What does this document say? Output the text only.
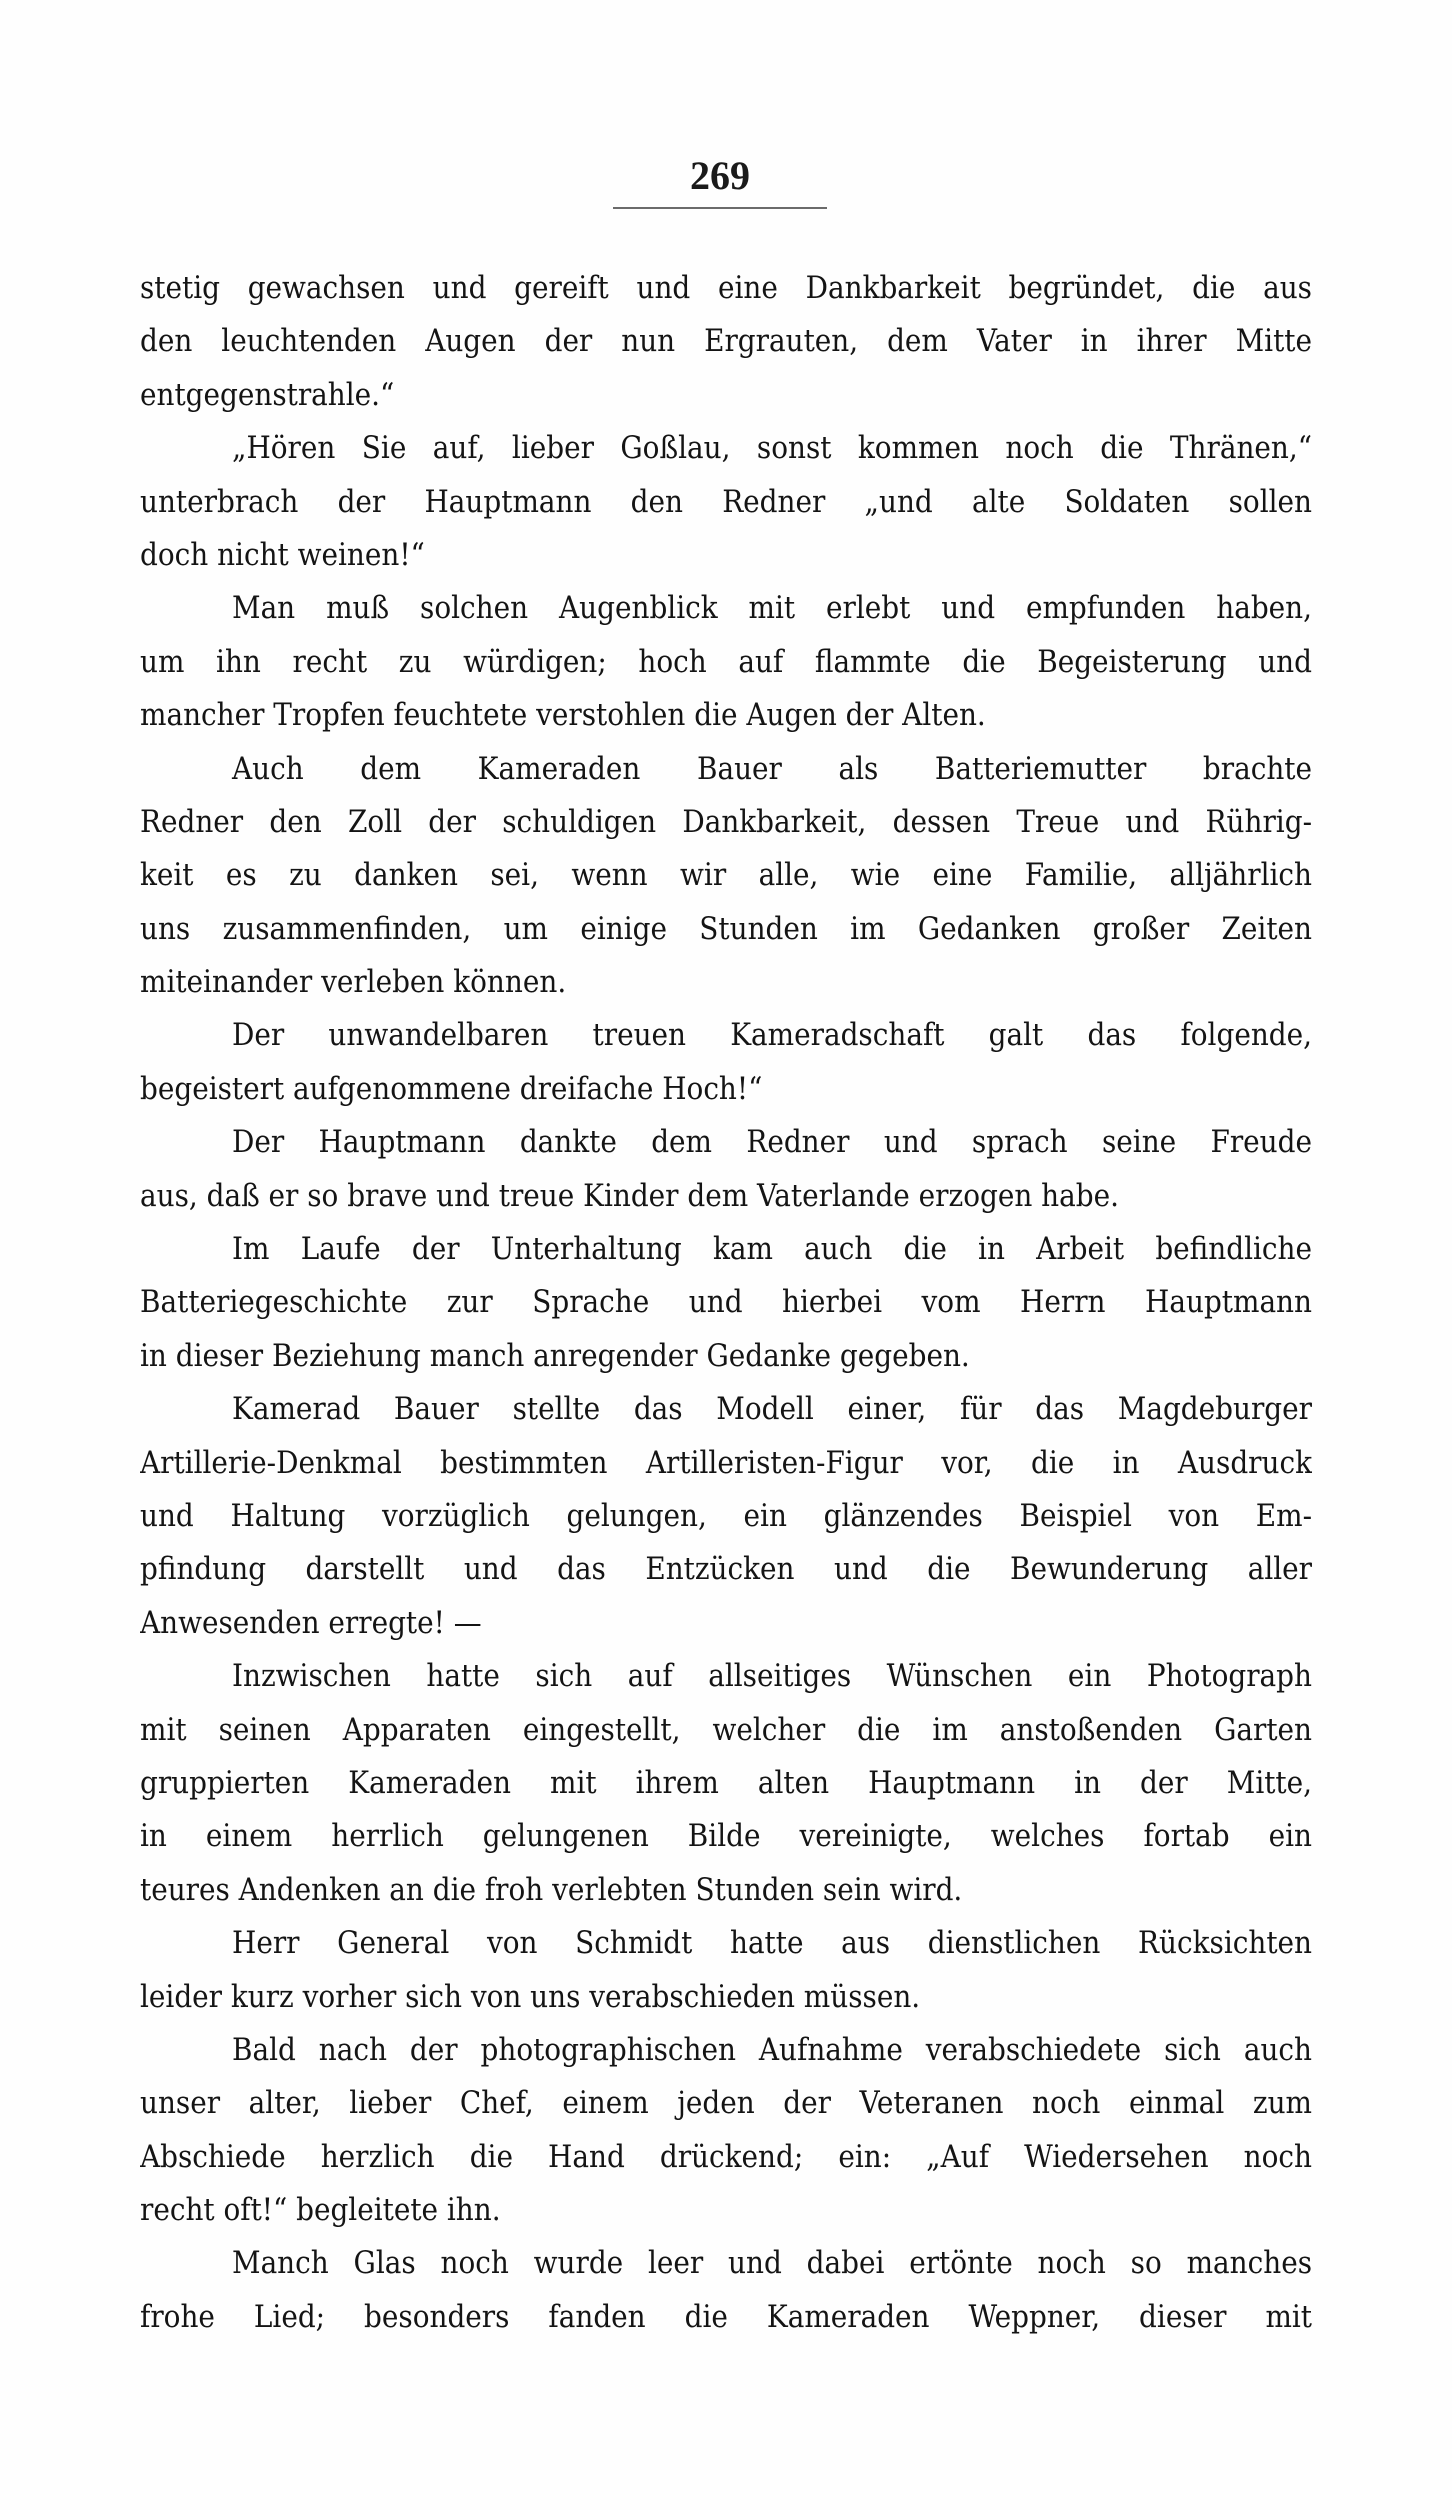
269
stetig gewachsen und gereift und eine Dankbarkeit begründet, die aus
den leuchtenden Augen der nun Ergrauten, dem Vater in ihrer Mitte
entgegenstrahle.“
„Hören Sie auf, lieber Goßlau, sonst kommen noch die Thränen,“
unterbrach der Hauptmann den Redner „und alte Soldaten sollen
doch nicht weinen!“
Man muß solchen Augenblick mit erlebt und empfunden haben,
um ihn recht zu würdigen; hoch auf flammte die Begeisterung und
mancher Tropfen feuchtete verstohlen die Augen der Alten.
Auch dem Kameraden Bauer als Batteriemutter brachte
Redner den Zoll der schuldigen Dankbarkeit, dessen Treue und Rührig-
keit es zu danken sei, wenn wir alle, wie eine Familie, alljährlich
uns zusammenfinden, um einige Stunden im Gedanken großer Zeiten
miteinander verleben können.
Der unwandelbaren treuen Kameradschaft galt das folgende,
begeistert aufgenommene dreifache Hoch!“
Der Hauptmann dankte dem Redner und sprach seine Freude
aus, daß er so brave und treue Kinder dem Vaterlande erzogen habe.
Im Laufe der Unterhaltung kam auch die in Arbeit befindliche
Batteriegeschichte zur Sprache und hierbei vom Herrn Hauptmann
in dieser Beziehung manch anregender Gedanke gegeben.
Kamerad Bauer stellte das Modell einer, für das Magdeburger
Artillerie-Denkmal bestimmten Artilleristen-Figur vor, die in Ausdruck
und Haltung vorzüglich gelungen, ein glänzendes Beispiel von Em-
pfindung darstellt und das Entzücken und die Bewunderung aller
Anwesenden erregte! —
Inzwischen hatte sich auf allseitiges Wünschen ein Photograph
mit seinen Apparaten eingestellt, welcher die im anstoßenden Garten
gruppierten Kameraden mit ihrem alten Hauptmann in der Mitte,
in einem herrlich gelungenen Bilde vereinigte, welches fortab ein
teures Andenken an die froh verlebten Stunden sein wird.
Herr General von Schmidt hatte aus dienstlichen Rücksichten
leider kurz vorher sich von uns verabschieden müssen.
Bald nach der photographischen Aufnahme verabschiedete sich auch
unser alter, lieber Chef, einem jeden der Veteranen noch einmal zum
Abschiede herzlich die Hand drückend; ein: „Auf Wiedersehen noch
recht oft!“ begleitete ihn.
Manch Glas noch wurde leer und dabei ertönte noch so manches
frohe Lied; besonders fanden die Kameraden Weppner, dieser mit
